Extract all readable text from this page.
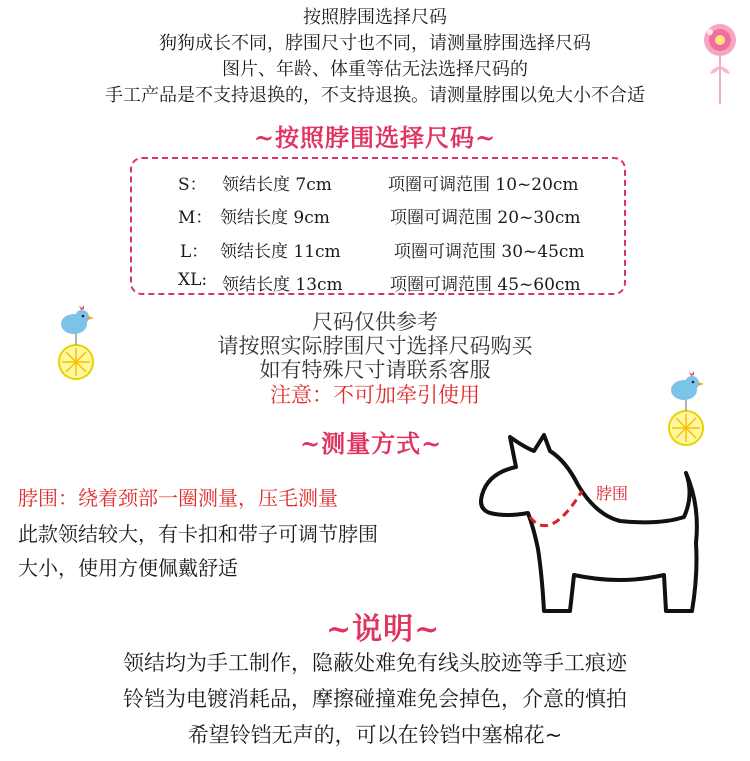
按照脖围选择尺码
狗狗成长不同，脖围尺寸也不同，请测量脖围选择尺码
图片、年龄、体重等估无法选择尺码的
手工产品是不支持退换的，不支持退换。请测量脖围以免大小不合适
~按照脖围选择尺码~
S： 领结长度 7cm	项圈可调范围 10~20cm
M： 领结长度 9cm	项圈可调范围 20~30cm
L： 领结长度 11cm	项圈可调范围 30~45cm
XL: 领结长度 13cm	项圈可调范围 45~60cm
尺码仅供参考
请按照实际脖围尺寸选择尺码购买
如有特殊尺寸请联系客服
注意：不可加牵引使用
~测量方式~
脖围：绕着颈部一圈测量，压毛测量
此款领结较大，有卡扣和带子可调节脖围
大小，使用方便佩戴舒适
脖围
~说明~
领结均为手工制作，隐蔽处难免有线头胶迹等手工痕迹
铃铛为电镀消耗品，摩擦碰撞难免会掉色，介意的慎拍
希望铃铛无声的，可以在铃铛中塞棉花~
